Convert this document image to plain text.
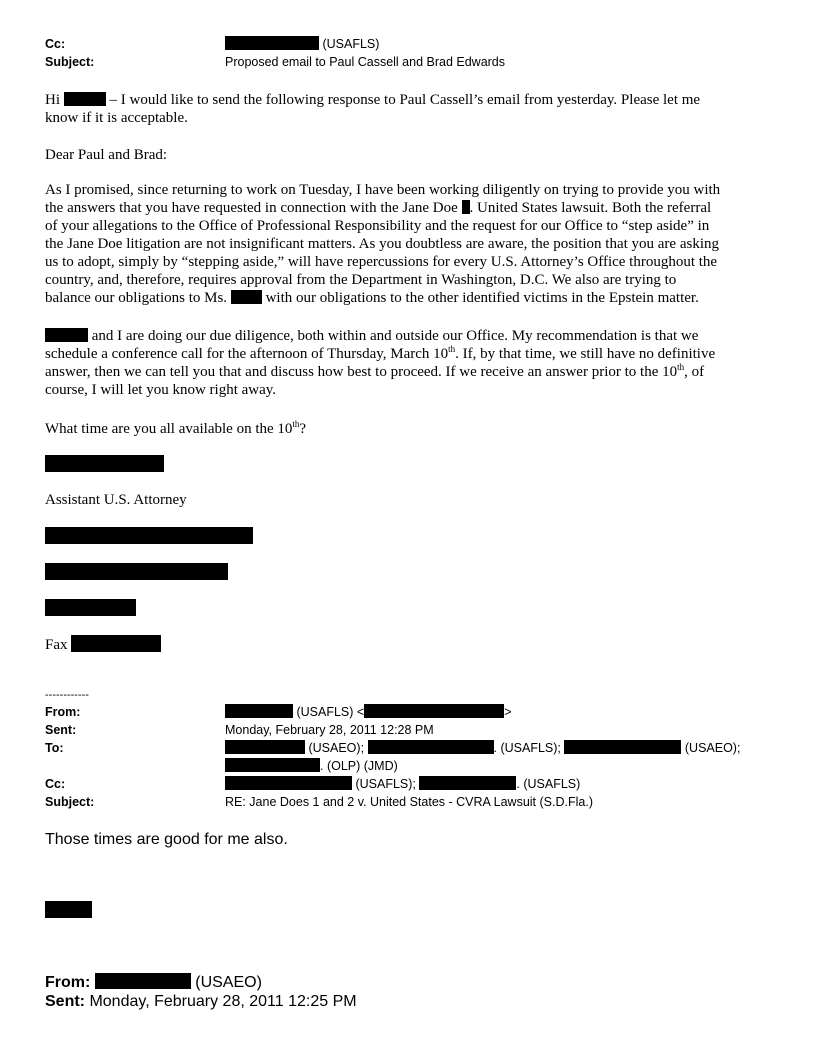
Cc:	(USAFLS)
Subject:	Proposed email to Paul Cassell and Brad Edwards

Hi	– I would like to send the following response to Paul Cassell’s email from yesterday. Please let me

know if it is acceptable.

Dear Paul and Brad:

As I promised, since returning to work on Tuesday, I have been working diligently on trying to provide you with

the answers that you have requested in connection with the Jane Doe . United States lawsuit. Both the referral

of your allegations to the Office of Professional Responsibility and the request for our Office to “step aside” in

the Jane Doe litigation are not insignificant matters. As you doubtless are aware, the position that you are asking

us to adopt, simply by “stepping aside,” will have repercussions for every U.S. Attorney’s Office throughout the

country, and, therefore, requires approval from the Department in Washington, D.C. We also are trying to

balance our obligations to Ms.	with our obligations to the other identified victims in the Epstein matter.

and I are doing our due diligence, both within and outside our Office. My recommendation is that we

schedule a conference call for the afternoon of Thursday, March 10th. If, by that time, we still have no definitive

answer, then we can tell you that and discuss how best to proceed. If we receive an answer prior to the 10th, of

course, I will let you know right away.

What time are you all available on the 10th?
Assistant U.S. Attorney
Fax
------------
From:	(USAFLS) <	>
Sent:	Monday, February 28, 2011 12:28 PM
To:	(USAEO);	. (USAFLS);	(USAEO);
. (OLP) (JMD)
Cc:	(USAFLS);	. (USAFLS)
Subject:	RE: Jane Does 1 and 2 v. United States - CVRA Lawsuit (S.D.Fla.)
Those times are good for me also.
From:	(USAEO)
Sent: Monday, February 28, 2011 12:25 PM
